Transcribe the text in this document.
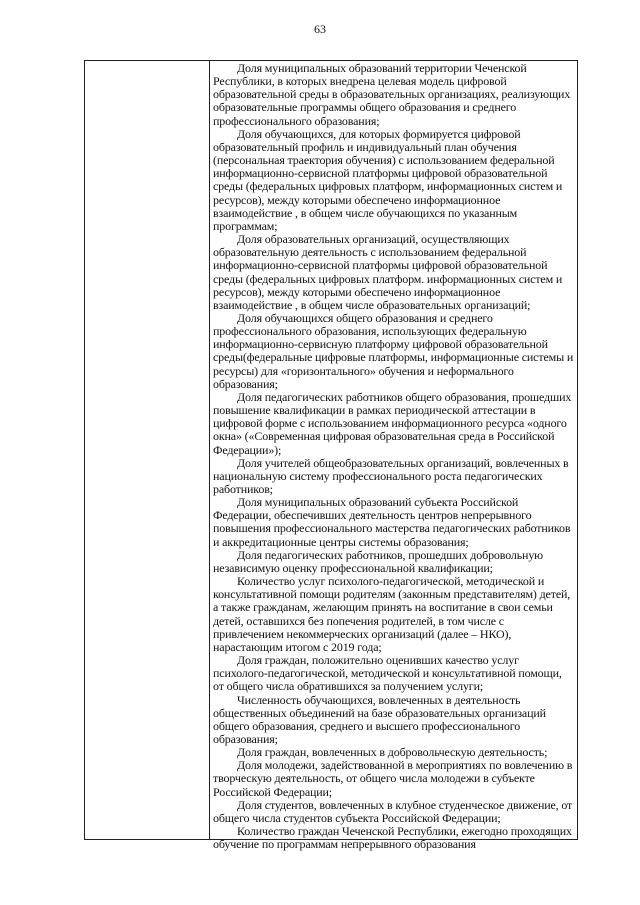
63

Доля муниципальных образований территории Чеченской Республики, в которых внедрена целевая модель цифровой образовательной среды в образовательных организациях, реализующих образовательные программы общего образования и среднего профессионального образования;

Доля обучающихся, для которых формируется цифровой образовательный профиль и индивидуальный план обучения (персональная траектория обучения) с использованием федеральной информационно-сервисной платформы цифровой образовательной среды (федеральных цифровых платформ, информационных систем и ресурсов), между которыми обеспечено информационное взаимодействие , в общем числе обучающихся по указанным программам;

Доля образовательных организаций, осуществляющих образовательную деятельность с использованием федеральной информационно-сервисной платформы цифровой образовательной среды (федеральных цифровых платформ. информационных систем и ресурсов), между которыми обеспечено информационное взаимодействие , в общем числе образовательных организаций;

Доля обучающихся общего образования и среднего профессионального образования, использующих федеральную информационно-сервисную платформу цифровой образовательной среды(федеральные цифровые платформы, информационные системы и ресурсы) для «горизонтального» обучения и неформального образования;

Доля педагогических работников общего образования, прошедших повышение квалификации в рамках периодической аттестации в цифровой форме с использованием информационного ресурса «одного окна» («Современная цифровая образовательная среда в Российской Федерации»);

Доля учителей общеобразовательных организаций, вовлеченных в национальную систему профессионального роста педагогических работников;

Доля муниципальных образований субъекта Российской Федерации, обеспечивших деятельность центров непрерывного повышения профессионального мастерства педагогических работников и аккредитационные центры системы образования;

Доля педагогических работников, прошедших добровольную независимую оценку профессиональной квалификации;

Количество услуг психолого-педагогической, методической и консультативной помощи родителям (законным представителям) детей, а также гражданам, желающим принять на воспитание в свои семьи детей, оставшихся без попечения родителей, в том числе с привлечением некоммерческих организаций (далее – НКО), нарастающим итогом с 2019 года;

Доля граждан, положительно оценивших качество услуг психолого-педагогической, методической и консультативной помощи, от общего числа обратившихся за получением услуги;

Численность обучающихся, вовлеченных в деятельность общественных объединений на базе образовательных организаций общего образования, среднего и высшего профессионального образования;

Доля граждан, вовлеченных в добровольческую деятельность;

Доля молодежи, задействованной в мероприятиях по вовлечению в творческую деятельность, от общего числа молодежи в субъекте Российской Федерации;

Доля студентов, вовлеченных в клубное студенческое движение, от общего числа студентов субъекта Российской Федерации;

Количество граждан Чеченской Республики, ежегодно проходящих обучение по программам непрерывного образования
